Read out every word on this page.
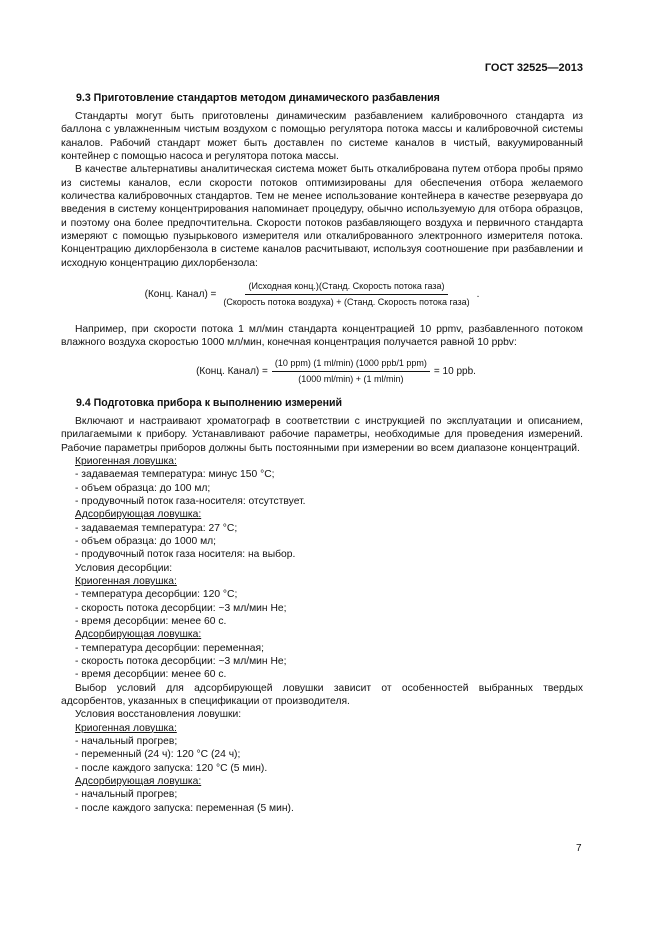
ГОСТ 32525—2013
9.3 Приготовление стандартов методом динамического разбавления

Стандарты могут быть приготовлены динамическим разбавлением калибровочного стандарта из баллона с увлажненным чистым воздухом с помощью регулятора потока массы и калибровочной системы каналов. Рабочий стандарт может быть доставлен по системе каналов в чистый, вакуумированный контейнер с помощью насоса и регулятора потока массы.

В качестве альтернативы аналитическая система может быть откалибрована путем отбора пробы прямо из системы каналов, если скорости потоков оптимизированы для обеспечения отбора желаемого количества калибровочных стандартов. Тем не менее использование контейнера в качестве резервуара до введения в систему концентрирования напоминает процедуру, обычно используемую для отбора образцов, и поэтому она более предпочтительна. Скорости потоков разбавляющего воздуха и первичного стандарта измеряют с помощью пузырькового измерителя или откалиброванного электронного измерителя потока. Концентрацию дихлорбензола в системе каналов расчитывают, используя соотношение при разбавлении и исходную концентрацию дихлорбензола:

(Конц. Канал) = $\frac{\text{(Исходная конц.)(Станд. Скорость потока газа)}}{\text{(Скорость потока воздуха) + (Станд. Скорость потока газа)}}$ .

Например, при скорости потока 1 мл/мин стандарта концентрацией 10 ppmv, разбавленного потоком влажного воздуха скоростью 1000 мл/мин, конечная концентрация получается равной 10 ppbv:

(Конц. Канал) = $\frac{\text{(10 ppm) (1 ml/min) (1000 ppb/1 ppm)}}{(1000 ml/\min) + (1 ml/\min)} = 10$ ppb.
9.4 Подготовка прибора к выполнению измерений

Включают и настраивают хроматограф в соответствии с инструкцией по эксплуатации и описанием, прилагаемыми к прибору. Устанавливают рабочие параметры, необходимые для проведения измерений. Рабочие параметры приборов должны быть постоянными при измерении во всем диапазоне концентраций.

Криогенная ловушка:
- задаваемая температура: минус 150 °С;
- объем образца: до 100 мл;
- продувочный поток газа-носителя: отсутствует.
Адсорбирующая ловушка:
- задаваемая температура: 27 °С;
- объем образца: до 1000 мл;
- продувочный поток газа носителя: на выбор.
Условия десорбции:
Криогенная ловушка:
- температура десорбции: 120 °С;
- скорость потока десорбции: ~3 мл/мин Не;
- время десорбции: менее 60 с.
Адсорбирующая ловушка:
- температура десорбции: переменная;
- скорость потока десорбции: ~3 мл/мин Не;
- время десорбции: менее 60 с.

Выбор условий для адсорбирующей ловушки зависит от особенностей выбранных твердых адсорбентов, указанных в спецификации от производителя.

Условия восстановления ловушки:
Криогенная ловушка:
- начальный прогрев;
- переменный (24 ч): 120 °С (24 ч);
- после каждого запуска: 120 °С (5 мин).
Адсорбирующая ловушка:
- начальный прогрев;
- после каждого запуска: переменная (5 мин).
7
